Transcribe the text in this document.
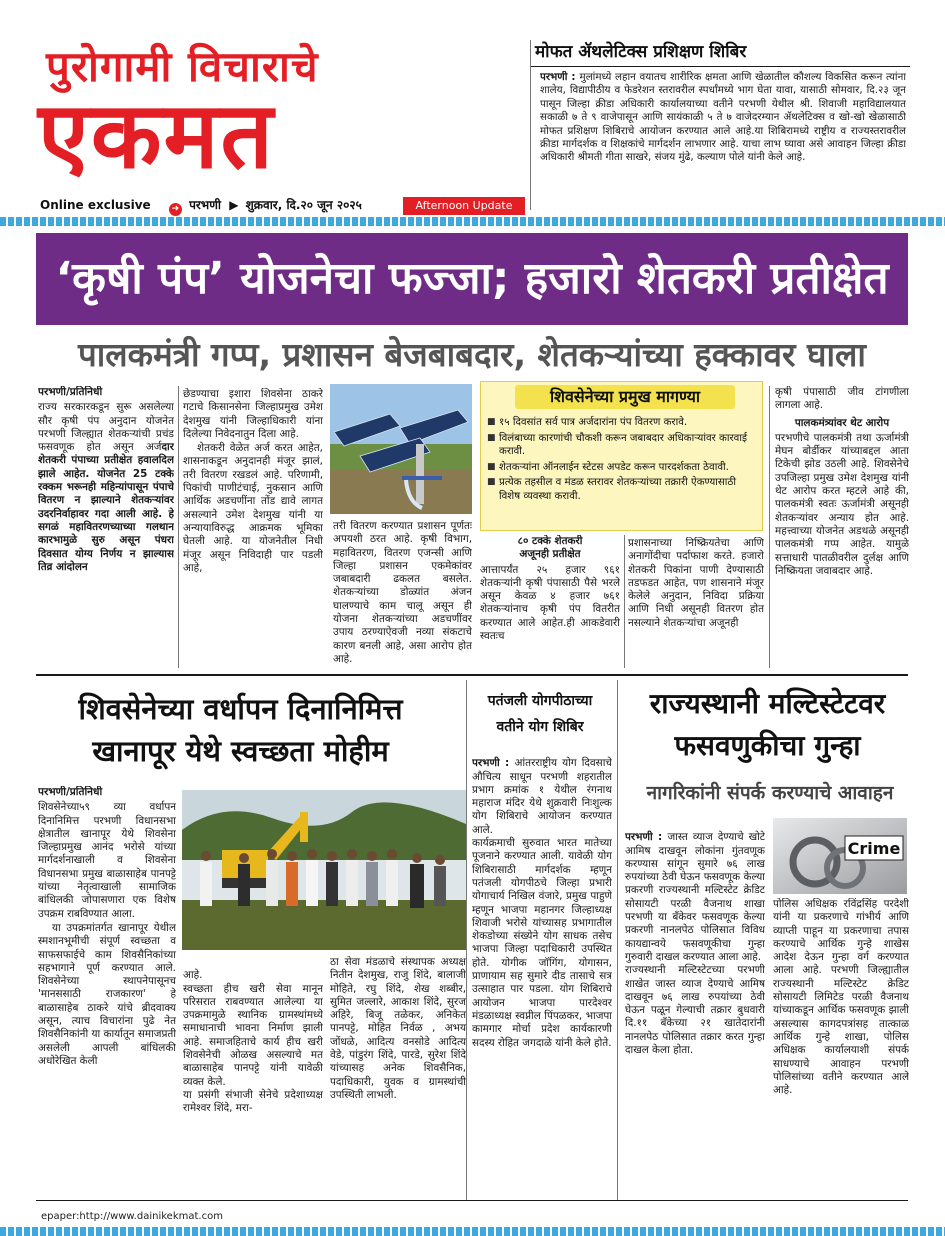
पुरोगामी विचाराचे
एकमत
Online exclusive ➜ परभणी ▶ शुक्रवार, दि.२० जून २०२५	Afternoon Update
मोफत ॲथलेटिक्स प्रशिक्षण शिबिर
परभणी : मुलांमध्ये लहान वयातच शारीरिक क्षमता आणि खेळातील कौशल्य विकसित करून त्यांना शालेय, विद्यापीठीय व फेडरेशन स्तरावरील स्पर्धांमध्ये भाग घेता यावा, यासाठी सोमवार, दि.२३ जून पासून जिल्हा क्रीडा अधिकारी कार्यालयाच्या वतीने परभणी येथील श्री. शिवाजी महाविद्यालयात सकाळी ७ ते ९ वाजेपासून आणि सायंकाळी ५ ते ७ वाजेदरम्यान ॲथलेटिक्स व खो-खो खेळासाठी मोफत प्रशिक्षण शिबिराचे आयोजन करण्यात आले आहे.या शिबिरामध्ये राष्ट्रीय व राज्यस्तरावरील क्रीडा मार्गदर्शक व शिक्षकांचे मार्गदर्शन लाभणार आहे. याचा लाभ घ्यावा असे आवाहन जिल्हा क्रीडा अधिकारी श्रीमती गीता साखरे, संजय मुंढे, कल्याण पोले यांनी केले आहे.
‘कृषी पंप’ योजनेचा फज्जा; हजारो शेतकरी प्रतीक्षेत
पालकमंत्री गप्प, प्रशासन बेजबाबदार, शेतकऱ्यांच्या हक्कावर घाला
परभणी/प्रतिनिधी
राज्य सरकारकडून सुरू असलेल्या सौर कृषी पंप अनुदान योजनेत परभणी जिल्ह्यात शेतकऱ्यांची प्रचंड फसवणूक होत असून अर्जदार शेतकरी पंपाच्या प्रतीक्षेत हवालदिल झाले आहेत. योजनेत 25 टक्के रक्कम भरूनही महिन्यांपासून पंपाचे वितरण न झाल्याने शेतकऱ्यांवर उदरनिर्वाहावर गदा आली आहे. हे सगळं महावितरणच्याच्या गलथान कारभामुळे सुरु असून पंधरा दिवसात योग्य निर्णय न झाल्यास तिव्र आंदोलन

छेडण्याचा इशारा शिवसेना ठाकरे गटाचे किसानसेना जिल्हाप्रमुख उमेश देशमुख यांनी जिल्हाधिकारी यांना दिलेल्या निवेदनातुन दिला आहे.

शेतकरी वेळेत अर्ज करत आहेत, शासनाकडून अनुदानही मंजूर झालं, तरी वितरण रखडलं आहे. परिणामी, पिकांची पाणीटंचाई, नुकसान आणि आर्थिक अडचणींना तोंड द्यावे लागत असल्याने उमेश देशमुख यांनी या अन्यायाविरुद्ध आक्रमक भूमिका घेतली आहे. या योजनेतील निधी मंजूर असून निविदाही पार पडली आहे,

तरी वितरण करण्यात प्रशासन पूर्णतः अपयशी ठरत आहे. कृषी विभाग, महावितरण, वितरण एजन्सी आणि जिल्हा प्रशासन एकमेकांवर जबाबदारी ढकलत बसलेत. शेतकऱ्यांच्या डोळ्यांत अंजन घालण्याचे काम चालू असून ही योजना शेतकऱ्यांच्या अडचणींवर उपाय ठरण्याऐवजी नव्या संकटाचे कारण बनली आहे, असा आरोप होत आहे.
शिवसेनेच्या प्रमुख मागण्या
■ १५ दिवसांत सर्व पात्र अर्जदारांना पंप वितरण करावे.
■ विलंबाच्या कारणांची चौकशी करून जबाबदार अधिकाऱ्यांवर कारवाई करावी.
■ शेतकऱ्यांना ऑनलाईन स्टेटस अपडेट करून पारदर्शकता ठेवावी.
■ प्रत्येक तहसील व मंडळ स्तरावर शेतकऱ्यांच्या तक्रारी ऐकण्यासाठी विशेष व्यवस्था करावी.
८० टक्के शेतकरी
अजूनही प्रतीक्षेत
आत्तापर्यंत २५ हजार ९६१ शेतकऱ्यांनी कृषी पंपासाठी पैसे भरले असून केवळ ४ हजार ७६१ शेतकऱ्यांनाच कृषी पंप वितरीत करण्यात आले आहेत.ही आकडेवारी स्वतःच
प्रशासनाच्या निष्क्रियतेचा आणि अनागोंदीचा पर्दाफाश करते. हजारो शेतकरी पिकांना पाणी देण्यासाठी तडफडत आहेत, पण शासनाने मंजूर केलेले अनुदान, निविदा प्रक्रिया आणि निधी असूनही वितरण होत नसल्याने शेतकऱ्यांचा अजूनही

कृषी पंपासाठी जीव टांगणीला लागला आहे.

पालकमंत्र्यांवर थेट आरोप
परभणीचे पालकमंत्री तथा ऊर्जामंत्री मेघन बोर्डीकर यांच्याबद्दल आता टिकेची झोड उठली आहे. शिवसेनेचे उपजिल्हा प्रमुख उमेश देशमुख यांनी थेट आरोप करत म्हटले आहे की, पालकमंत्री स्वतः ऊर्जामंत्री असूनही शेतकऱ्यांवर अन्याय होत आहे. महत्त्वाच्या योजनेत अडथळे असूनही पालकमंत्री गप्प आहेत. यामुळे सत्ताधारी पातळीवरील दुर्लक्ष आणि निष्क्रियता जवाबदार आहे.
शिवसेनेच्या वर्धापन दिनानिमित्त
खानापूर येथे स्वच्छता मोहीम
परभणी/प्रतिनिधी

शिवसेनेच्या५९ व्या वर्धापन दिनानिमित्त परभणी विधानसभा क्षेत्रातील खानापूर येथे शिवसेना जिल्हाप्रमुख आनंद भरोसे यांच्या मार्गदर्शनाखाली व शिवसेना विधानसभा प्रमुख बाळासाहेब पानपट्टे यांच्या नेतृत्वाखाली सामाजिक बांधिलकी जोपासणारा एक विशेष उपक्रम राबविण्यात आला.

या उपक्रमांतर्गत खानापूर येथील स्मशानभूमीची संपूर्ण स्वच्छता व साफसफाईचे काम शिवसैनिकांच्या सहभागाने पूर्ण करण्यात आले. शिवसेनेच्या स्थापनेपासूनच 'मानससाठी राजकारण' हे बाळासाहेब ठाकरे यांचे ब्रीदवाक्य असून, त्याच विचारांना पुढे नेत शिवसैनिकांनी या कार्यातून समाजप्रती असलेली आपली बांधिलकी अधोरेखित केली

आहे.
स्वच्छता हीच खरी सेवा मानून परिसरात राबवण्यात आलेल्या या उपक्रमामुळे स्थानिक ग्रामस्थांमध्ये समाधानाची भावना निर्माण झाली आहे. समाजहिताचे कार्य हीच खरी शिवसेनेची ओळख असल्याचे मत बाळासाहेब पानपट्टे यांनी यावेळी व्यक्त केले.
या प्रसंगी संभाजी सेनेचे प्रदेशाध्यक्ष रामेश्वर शिंदे, मरा-

ठा सेवा मंडळाचे संस्थापक अध्यक्ष नितीन देशमुख, राजु शिंदे, बालाजी मोहिते, रघु शिंदे, शेख शब्बीर, सुमित जल्लारे, आकाश शिंदे, सुरज अहिरे, बिजू तळेकर, अनिकेत पानपट्टे, मोहित निर्वळ , अभय जोंधळे, आदित्य वनसोडे आदित्य वेडे, पांडुरंग शिंदे, पारडे, सुरेश शिंदे यांच्यासह अनेक शिवसैनिक, पदाधिकारी, युवक व ग्रामस्थांची उपस्थिती लाभली.
पतंजली योगपीठाच्या
वतीने योग शिबिर

परभणी : आंतरराष्ट्रीय योग दिवसाचे औचित्य साधून परभणी शहरातील प्रभाग क्रमांक १ येथील रंगनाथ महाराज मंदिर येथे शुक्रवारी निःशुल्क योग शिबिराचे आयोजन करण्यात आले.
कार्यक्रमाची सुरुवात भारत मातेच्या पूजनाने करण्यात आली. यावेळी योग शिबिरासाठी मार्गदर्शक म्हणून पतंजली योगपीठचे जिल्हा प्रभारी योगाचार्य निखिल वंजारे, प्रमुख पाहुणे म्हणून भाजपा महानगर जिल्हाध्यक्ष शिवाजी भरोसे यांच्यासह प्रभागातील शेकडोच्या संख्येने योग साधक तसेच भाजपा जिल्हा पदाधिकारी उपस्थित होते. योगीक जॉगिंग, योगासन, प्राणायाम सह सुमारे दीड तासाचे सत्र उत्साहात पार पडला. योग शिबिराचे आयोजन भाजपा पारदेश्वर मंडळाध्यक्ष स्वप्नील पिंपळकर, भाजपा कामगार मोर्चा प्रदेश कार्यकारणी सदस्य रोहित जगदाळे यांनी केले होते.

राज्यस्थानी मल्टिस्टेटवर
फसवणुकीचा गुन्हा
नागरिकांनी संपर्क करण्याचे आवाहन

परभणी : जास्त व्याज देण्याचे खोटे आमिष दाखवून लोकांना गुंतवणूक करण्यास सांगून सुमारे ७६ लाख रुपयांच्या ठेवी घेऊन फसवणूक केल्या प्रकरणी राज्यस्थानी मल्टिस्टेट क्रेडिट सोसायटी परळी वैजनाथ शाखा परभणी या बँकेवर फसवणूक केल्या प्रकरणी नानलपेठ पोलिसात विविध कायद्यान्वये फसवणूकीचा गुन्हा गुरुवारी दाखल करण्यात आला आहे.
राज्यस्थानी मल्टिस्टेटच्या परभणी शाखेत जास्त व्याज देण्याचे आमिष दाखवून ७६ लाख रुपयांच्या ठेवी घेऊन पळून गेल्याची तक्रार बुधवारी दि.११ बँकेच्या २१ खातेदारांनी नानलपेठ पोलिसात तक्रार करत गुन्हा दाखल केला होता.

Crime
पोलिस अधिक्षक रविंद्रसिंह परदेशी यांनी या प्रकरणाचे गांभीर्य आणि व्याप्ती पाहून या प्रकरणाचा तपास करण्याचे आर्थिक गुन्हे शाखेस आदेश देऊन गुन्हा वर्ग करण्यात आला आहे. परभणी जिल्ह्यातील राज्यस्थानी मल्टिस्टेट क्रेडिट सोसायटी लिमिटेड परळी वैजनाथ यांच्याकडून आर्थिक फसवणूक झाली असल्यास कागदपत्रांसह तात्काळ आर्थिक गुन्हे शाखा, पोलिस अधिक्षक कार्यालयाशी संपर्क साधण्याचे आवाहन परभणी पोलिसांच्या वतीने करण्यात आले आहे.
epaper:http://www.dainikekmat.com
